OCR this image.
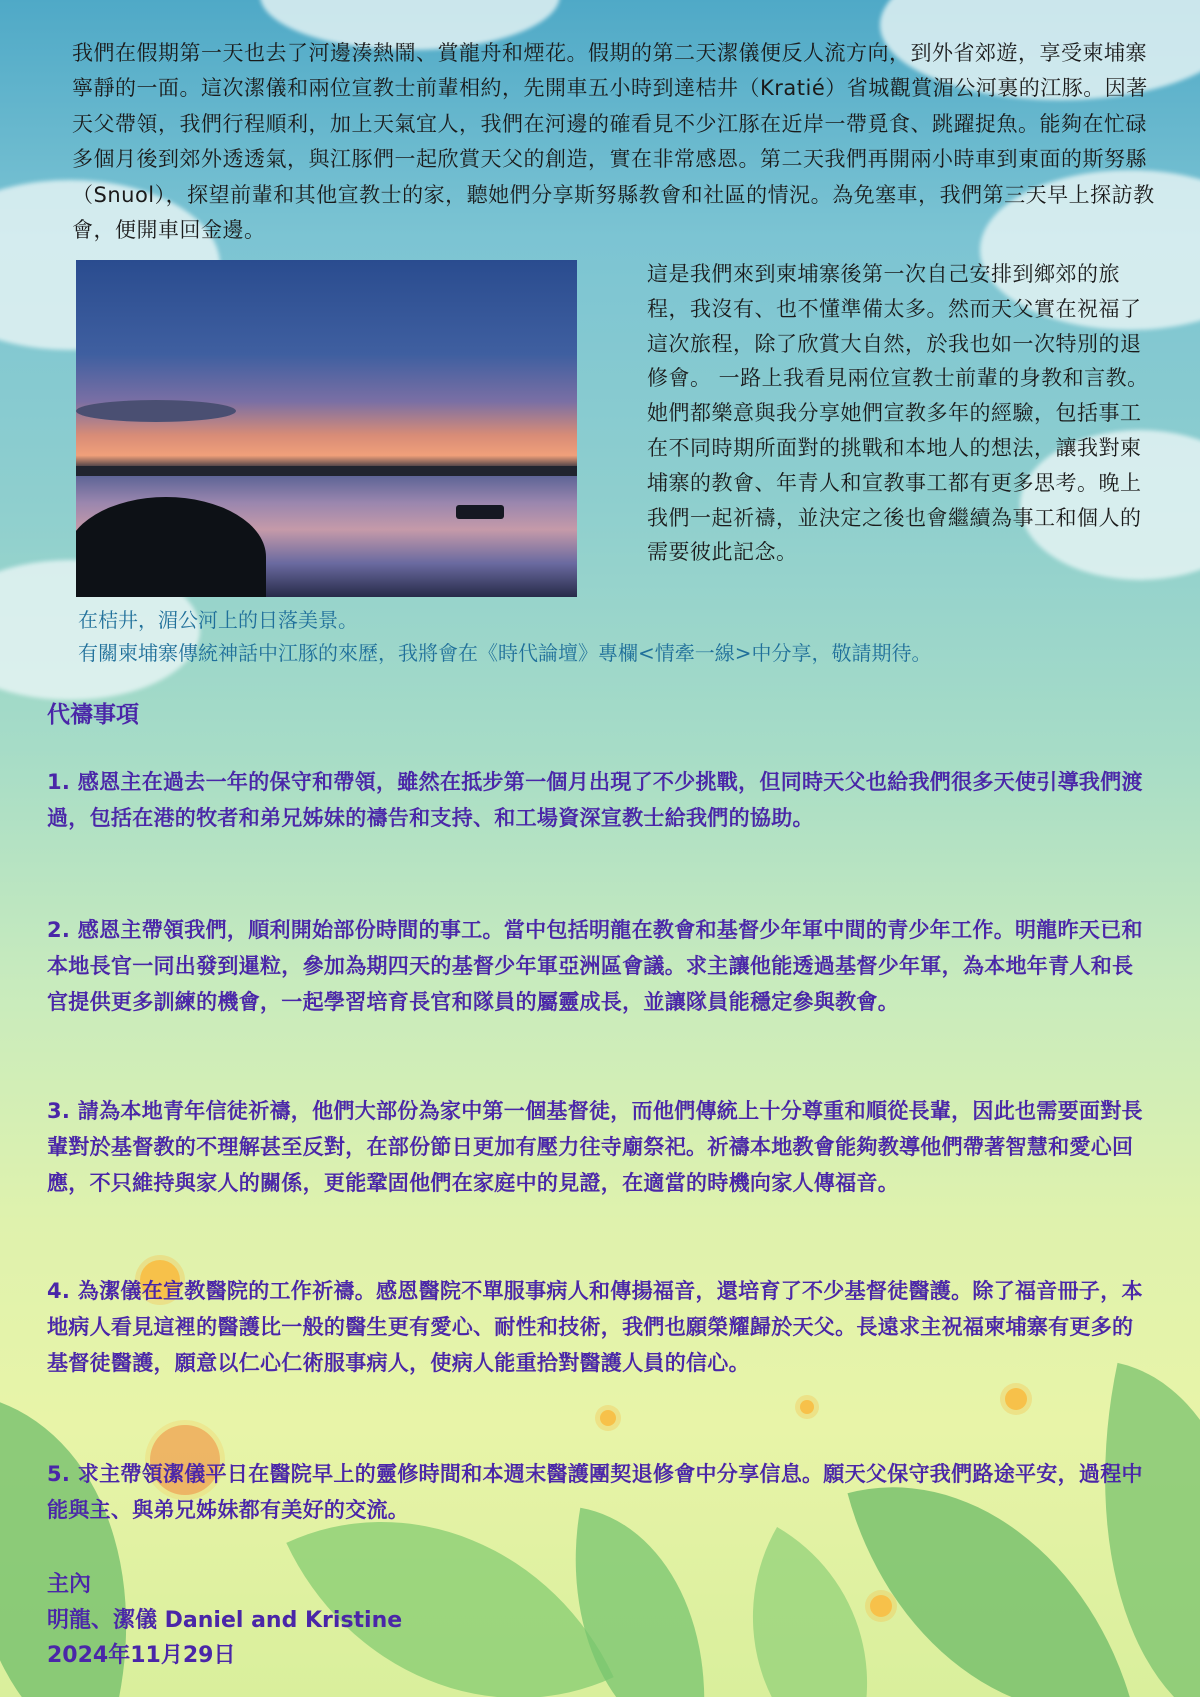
我們在假期第一天也去了河邊湊熱鬧、賞龍舟和煙花。假期的第二天潔儀便反人流方向，到外省郊遊，享受柬埔寨寧靜的一面。這次潔儀和兩位宣教士前輩相約，先開車五小時到達桔井（Kratié）省城觀賞湄公河裏的江豚。因著天父帶領，我們行程順利，加上天氣宜人，我們在河邊的確看見不少江豚在近岸一帶覓食、跳躍捉魚。能夠在忙碌多個月後到郊外透透氣，與江豚們一起欣賞天父的創造，實在非常感恩。第二天我們再開兩小時車到東面的斯努縣（Snuol），探望前輩和其他宣教士的家，聽她們分享斯努縣教會和社區的情況。為免塞車，我們第三天早上探訪教會，便開車回金邊。

這是我們來到柬埔寨後第一次自己安排到鄉郊的旅程，我沒有、也不懂準備太多。然而天父實在祝福了這次旅程，除了欣賞大自然，於我也如一次特別的退修會。 一路上我看見兩位宣教士前輩的身教和言教。她們都樂意與我分享她們宣教多年的經驗，包括事工在不同時期所面對的挑戰和本地人的想法，讓我對柬埔寨的教會、年青人和宣教事工都有更多思考。晚上我們一起祈禱，並決定之後也會繼續為事工和個人的需要彼此記念。

在桔井，湄公河上的日落美景。

有關柬埔寨傳統神話中江豚的來歷，我將會在《時代論壇》專欄<情牽一線>中分享，敬請期待。

代禱事項

1. 感恩主在過去一年的保守和帶領，雖然在抵步第一個月出現了不少挑戰，但同時天父也給我們很多天使引導我們渡過，包括在港的牧者和弟兄姊妹的禱告和支持、和工場資深宣教士給我們的協助。

2. 感恩主帶領我們，順利開始部份時間的事工。當中包括明龍在教會和基督少年軍中間的青少年工作。明龍昨天已和本地長官一同出發到暹粒，參加為期四天的基督少年軍亞洲區會議。求主讓他能透過基督少年軍，為本地年青人和長官提供更多訓練的機會，一起學習培育長官和隊員的屬靈成長，並讓隊員能穩定參與教會。

3. 請為本地青年信徒祈禱，他們大部份為家中第一個基督徒，而他們傳統上十分尊重和順從長輩，因此也需要面對長輩對於基督教的不理解甚至反對，在部份節日更加有壓力往寺廟祭祀。祈禱本地教會能夠教導他們帶著智慧和愛心回應，不只維持與家人的關係，更能鞏固他們在家庭中的見證，在適當的時機向家人傳福音。

4. 為潔儀在宣教醫院的工作祈禱。感恩醫院不單服事病人和傳揚福音，還培育了不少基督徒醫護。除了福音冊子，本地病人看見這裡的醫護比一般的醫生更有愛心、耐性和技術，我們也願榮耀歸於天父。長遠求主祝福柬埔寨有更多的基督徒醫護，願意以仁心仁術服事病人，使病人能重拾對醫護人員的信心。

5. 求主帶領潔儀平日在醫院早上的靈修時間和本週末醫護團契退修會中分享信息。願天父保守我們路途平安，過程中能與主、與弟兄姊妹都有美好的交流。

主內
明龍、潔儀 Daniel and Kristine
2024年11月29日
